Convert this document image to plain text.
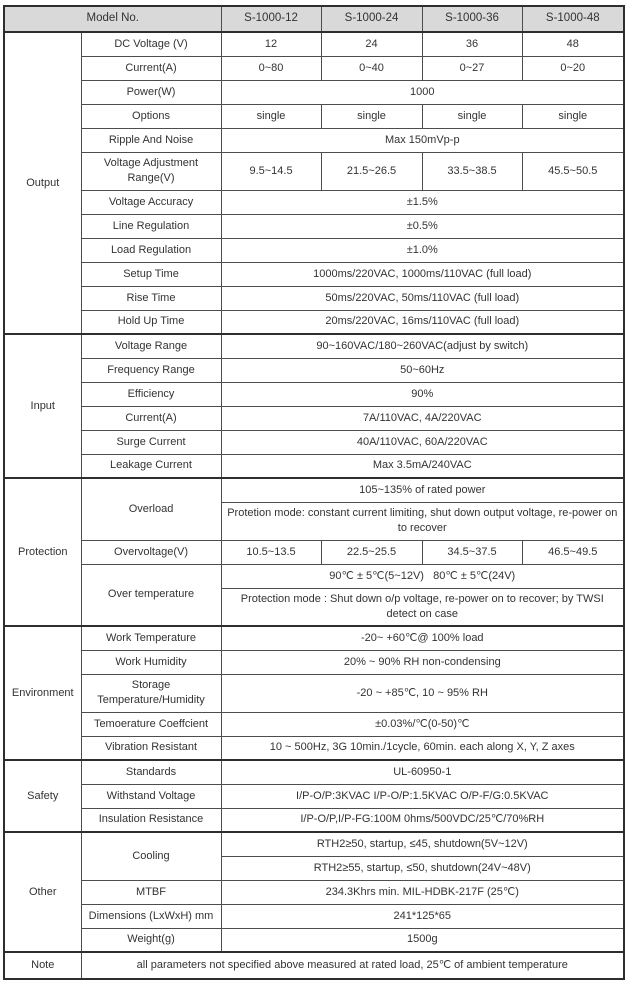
Model No.		S-1000-12	S-1000-24	S-1000-36	S-1000-48
Output	DC Voltage (V)	12	24	36	48
	Current(A)	0~80	0~40	0~27	0~20
	Power(W)	1000			
	Options	single	single	single	single
	Ripple And Noise	Max 150mVp-p			
	Voltage Adjustment Range(V)	9.5~14.5	21.5~26.5	33.5~38.5	45.5~50.5
	Voltage Accuracy	±1.5%			
	Line Regulation	±0.5%			
	Load Regulation	±1.0%			
	Setup Time	1000ms/220VAC, 1000ms/110VAC (full load)			
	Rise Time	50ms/220VAC, 50ms/110VAC (full load)			
	Hold Up Time	20ms/220VAC, 16ms/110VAC (full load)			
Input	Voltage Range	90~160VAC/180~260VAC(adjust by switch)			
	Frequency Range	50~60Hz			
	Efficiency	90%			
	Current(A)	7A/110VAC, 4A/220VAC			
	Surge Current	40A/110VAC, 60A/220VAC			
	Leakage Current	Max 3.5mA/240VAC			
Protection	Overload	105~135% of rated power			
		Protetion mode: constant current limiting, shut down output voltage, re-power on to recover			
	Overvoltage(V)	10.5~13.5	22.5~25.5	34.5~37.5	46.5~49.5
	Over temperature	90℃ ± 5℃(5~12V)   80℃ ± 5℃(24V)			
		Protection mode : Shut down o/p voltage, re-power on to recover; by TWSI detect on case			
Environment	Work Temperature	-20~ +60℃@ 100% load			
	Work Humidity	20% ~ 90% RH non-condensing			
	Storage Temperature/Humidity	-20 ~ +85℃, 10 ~ 95% RH			
	Temoerature Coeffcient	±0.03%/℃(0-50)℃			
	Vibration Resistant	10 ~ 500Hz, 3G 10min./1cycle, 60min. each along X, Y, Z axes			
Safety	Standards	UL-60950-1			
	Withstand Voltage	I/P-O/P:3KVAC I/P-O/P:1.5KVAC O/P-F/G:0.5KVAC			
	Insulation Resistance	I/P-O/P,I/P-FG:100M 0hms/500VDC/25℃/70%RH			
Other	Cooling	RTH2≥50, startup, ≤45, shutdown(5V~12V)			
		RTH2≥55, startup, ≤50, shutdown(24V~48V)			
	MTBF	234.3Khrs min. MIL-HDBK-217F (25℃)			
	Dimensions (LxWxH) mm	241*125*65			
	Weight(g)	1500g			
Note	all parameters not specified above measured at rated load, 25℃ of ambient temperature				
